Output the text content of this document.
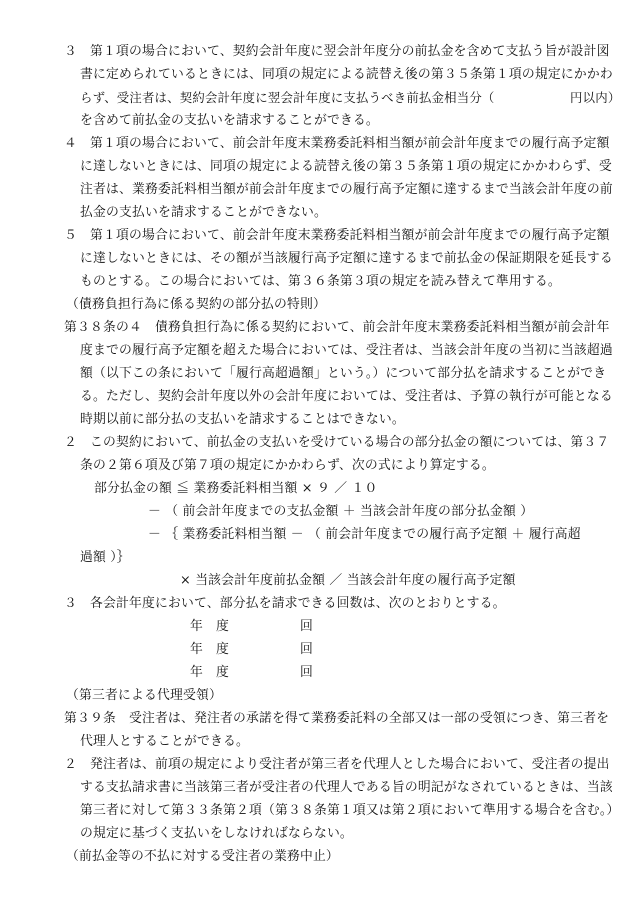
３　第１項の場合において、契約会計年度に翌会計年度分の前払金を含めて支払う旨が設計図

書に定められているときには、同項の規定による読替え後の第３５条第１項の規定にかかわ

らず、受注者は、契約会計年度に翌会計年度に支払うべき前払金相当分（　　　　　　円以内）

を含めて前払金の支払いを請求することができる。

４　第１項の場合において、前会計年度末業務委託料相当額が前会計年度までの履行高予定額

に達しないときには、同項の規定による読替え後の第３５条第１項の規定にかかわらず、受

注者は、業務委託料相当額が前会計年度までの履行高予定額に達するまで当該会計年度の前

払金の支払いを請求することができない。

５　第１項の場合において、前会計年度末業務委託料相当額が前会計年度までの履行高予定額

に達しないときには、その額が当該履行高予定額に達するまで前払金の保証期限を延長する

ものとする。この場合においては、第３６条第３項の規定を読み替えて準用する。

（債務負担行為に係る契約の部分払の特則）

第３８条の４　債務負担行為に係る契約において、前会計年度末業務委託料相当額が前会計年

度までの履行高予定額を超えた場合においては、受注者は、当該会計年度の当初に当該超過

額（以下この条において「履行高超過額」という。）について部分払を請求することができ

る。ただし、契約会計年度以外の会計年度においては、受注者は、予算の執行が可能となる

時期以前に部分払の支払いを請求することはできない。

２　この契約において、前払金の支払いを受けている場合の部分払金の額については、第３７

条の２第６項及び第７項の規定にかかわらず、次の式により算定する。

部分払金の額 ≦ 業務委託料相当額 × ９ ／ １０

－ （ 前会計年度までの支払金額 ＋ 当該会計年度の部分払金額 ）

－ ｛ 業務委託料相当額 － （ 前会計年度までの履行高予定額 ＋ 履行高超

過額 ）｝

× 当該会計年度前払金額 ／ 当該会計年度の履行高予定額

３　各会計年度において、部分払を請求できる回数は、次のとおりとする。

年　度	回

年　度	回

年　度	回

（第三者による代理受領）

第３９条　受注者は、発注者の承諾を得て業務委託料の全部又は一部の受領につき、第三者を

代理人とすることができる。

２　発注者は、前項の規定により受注者が第三者を代理人とした場合において、受注者の提出

する支払請求書に当該第三者が受注者の代理人である旨の明記がなされているときは、当該

第三者に対して第３３条第２項（第３８条第１項又は第２項において準用する場合を含む。）

の規定に基づく支払いをしなければならない。

（前払金等の不払に対する受注者の業務中止）
